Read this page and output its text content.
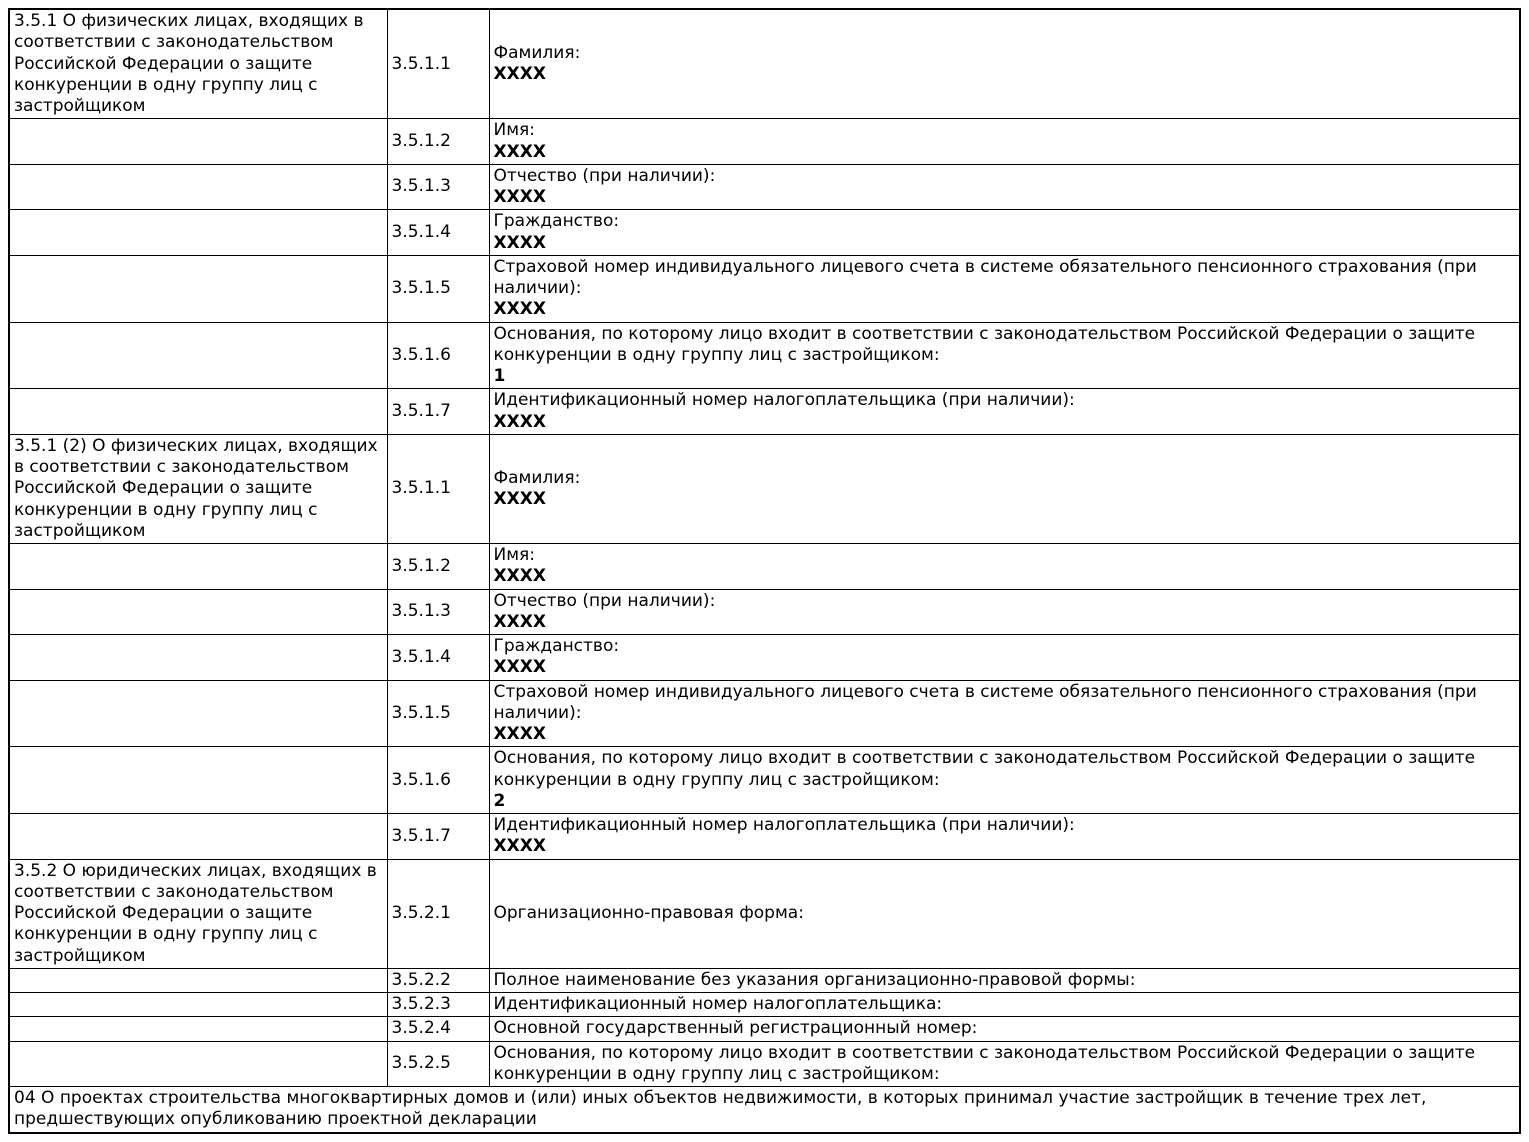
3.5.1 О физических лицах, входящих в соответствии с законодательством Российской Федерации о защите конкуренции в одну группу лиц с застройщиком	3.5.1.1	Фамилия:
XXXX

	3.5.1.2	Имя:
XXXX

	3.5.1.3	Отчество (при наличии):
XXXX

	3.5.1.4	Гражданство:
XXXX

	3.5.1.5	Страховой номер индивидуального лицевого счета в системе обязательного пенсионного страхования (при наличии):
XXXX

	3.5.1.6	Основания, по которому лицо входит в соответствии с законодательством Российской Федерации о защите конкуренции в одну группу лиц с застройщиком:
1

	3.5.1.7	Идентификационный номер налогоплательщика (при наличии):
XXXX

3.5.1 (2) О физических лицах, входящих в соответствии с законодательством Российской Федерации о защите конкуренции в одну группу лиц с застройщиком	3.5.1.1	Фамилия:
XXXX

	3.5.1.2	Имя:
XXXX

	3.5.1.3	Отчество (при наличии):
XXXX

	3.5.1.4	Гражданство:
XXXX

	3.5.1.5	Страховой номер индивидуального лицевого счета в системе обязательного пенсионного страхования (при наличии):
XXXX

	3.5.1.6	Основания, по которому лицо входит в соответствии с законодательством Российской Федерации о защите конкуренции в одну группу лиц с застройщиком:
2

	3.5.1.7	Идентификационный номер налогоплательщика (при наличии):
XXXX

3.5.2 О юридических лицах, входящих в соответствии с законодательством Российской Федерации о защите конкуренции в одну группу лиц с застройщиком	3.5.2.1	Организационно-правовая форма:

	3.5.2.2	Полное наименование без указания организационно-правовой формы:

	3.5.2.3	Идентификационный номер налогоплательщика:

	3.5.2.4	Основной государственный регистрационный номер:

	3.5.2.5	Основания, по которому лицо входит в соответствии с законодательством Российской Федерации о защите конкуренции в одну группу лиц с застройщиком:

04 О проектах строительства многоквартирных домов и (или) иных объектов недвижимости, в которых принимал участие застройщик в течение трех лет, предшествующих опубликованию проектной декларации		
